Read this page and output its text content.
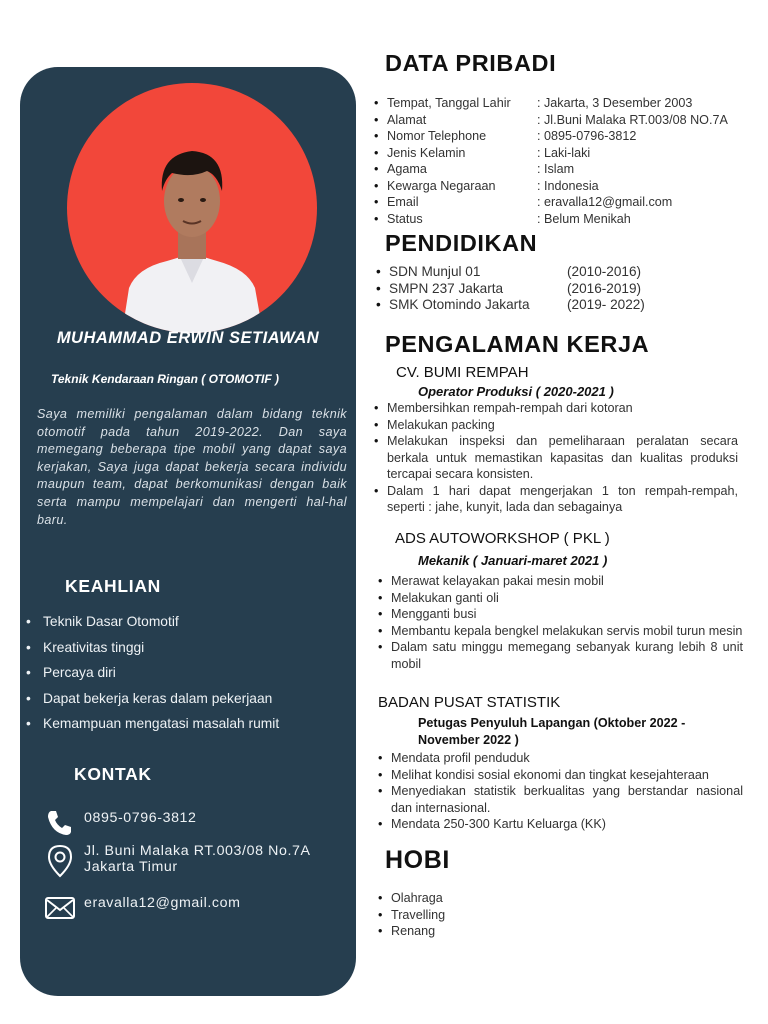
MUHAMMAD ERWIN SETIAWAN
Teknik Kendaraan Ringan ( OTOMOTIF )
Saya memiliki pengalaman dalam bidang teknik otomotif pada tahun 2019-2022. Dan saya memegang beberapa tipe mobil yang dapat saya kerjakan, Saya juga dapat bekerja secara individu maupun team, dapat berkomunikasi dengan baik serta mampu mempelajari dan mengerti hal-hal baru.
KEAHLIAN
• Teknik Dasar Otomotif
• Kreativitas tinggi
• Percaya diri
• Dapat bekerja keras dalam pekerjaan
• Kemampuan mengatasi masalah rumit
KONTAK
0895-0796-3812
Jl. Buni Malaka RT.003/08 No.7A
Jakarta Timur
eravalla12@gmail.com
DATA PRIBADI
• Tempat, Tanggal Lahir	: Jakarta, 3 Desember 2003
• Alamat	: Jl.Buni Malaka RT.003/08 NO.7A
• Nomor Telephone	: 0895-0796-3812
• Jenis Kelamin	: Laki-laki
• Agama	: Islam
• Kewarga Negaraan	: Indonesia
• Email	: eravalla12@gmail.com
• Status	: Belum Menikah
PENDIDIKAN
• SDN Munjul 01	(2010-2016)
• SMPN 237 Jakarta	(2016-2019)
• SMK Otomindo Jakarta	(2019- 2022)
PENGALAMAN KERJA
CV. BUMI REMPAH
Operator Produksi ( 2020-2021 )
• Membersihkan rempah-rempah dari kotoran
• Melakukan packing
• Melakukan inspeksi dan pemeliharaan peralatan secara berkala untuk memastikan kapasitas dan kualitas produksi tercapai secara konsisten.
• Dalam 1 hari dapat mengerjakan 1 ton rempah-rempah, seperti : jahe, kunyit, lada dan sebagainya
ADS AUTOWORKSHOP ( PKL )
Mekanik ( Januari-maret 2021 )
• Merawat kelayakan pakai mesin mobil
• Melakukan ganti oli
• Mengganti busi
• Membantu kepala bengkel melakukan servis mobil turun mesin
• Dalam satu minggu memegang sebanyak kurang lebih 8 unit mobil
BADAN PUSAT STATISTIK
Petugas Penyuluh Lapangan (Oktober 2022 -
November 2022 )
• Mendata profil penduduk
• Melihat kondisi sosial ekonomi dan tingkat kesejahteraan
• Menyediakan statistik berkualitas yang berstandar nasional dan internasional.
• Mendata 250-300 Kartu Keluarga (KK)
HOBI
• Olahraga
• Travelling
• Renang
